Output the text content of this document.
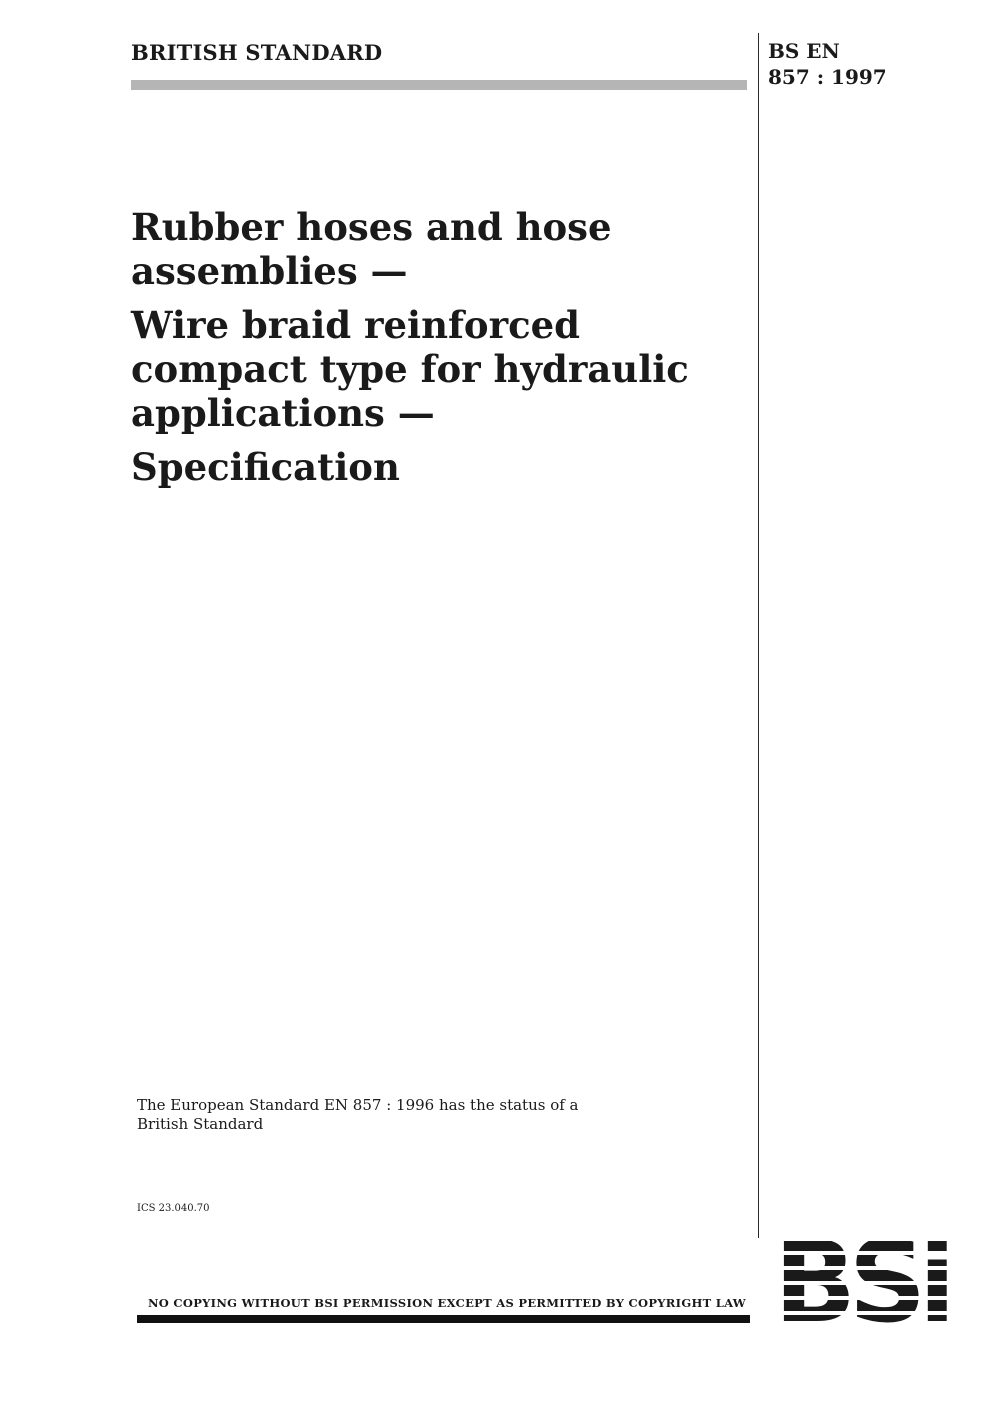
BRITISH STANDARD	BS EN
857 : 1997
Rubber hoses and hose assemblies —
Wire braid reinforced compact type for hydraulic applications —
Specification
The European Standard EN 857 : 1996 has the status of a
British Standard
ICS 23.040.70
NO COPYING WITHOUT BSI PERMISSION EXCEPT AS PERMITTED BY COPYRIGHT LAW BSi
